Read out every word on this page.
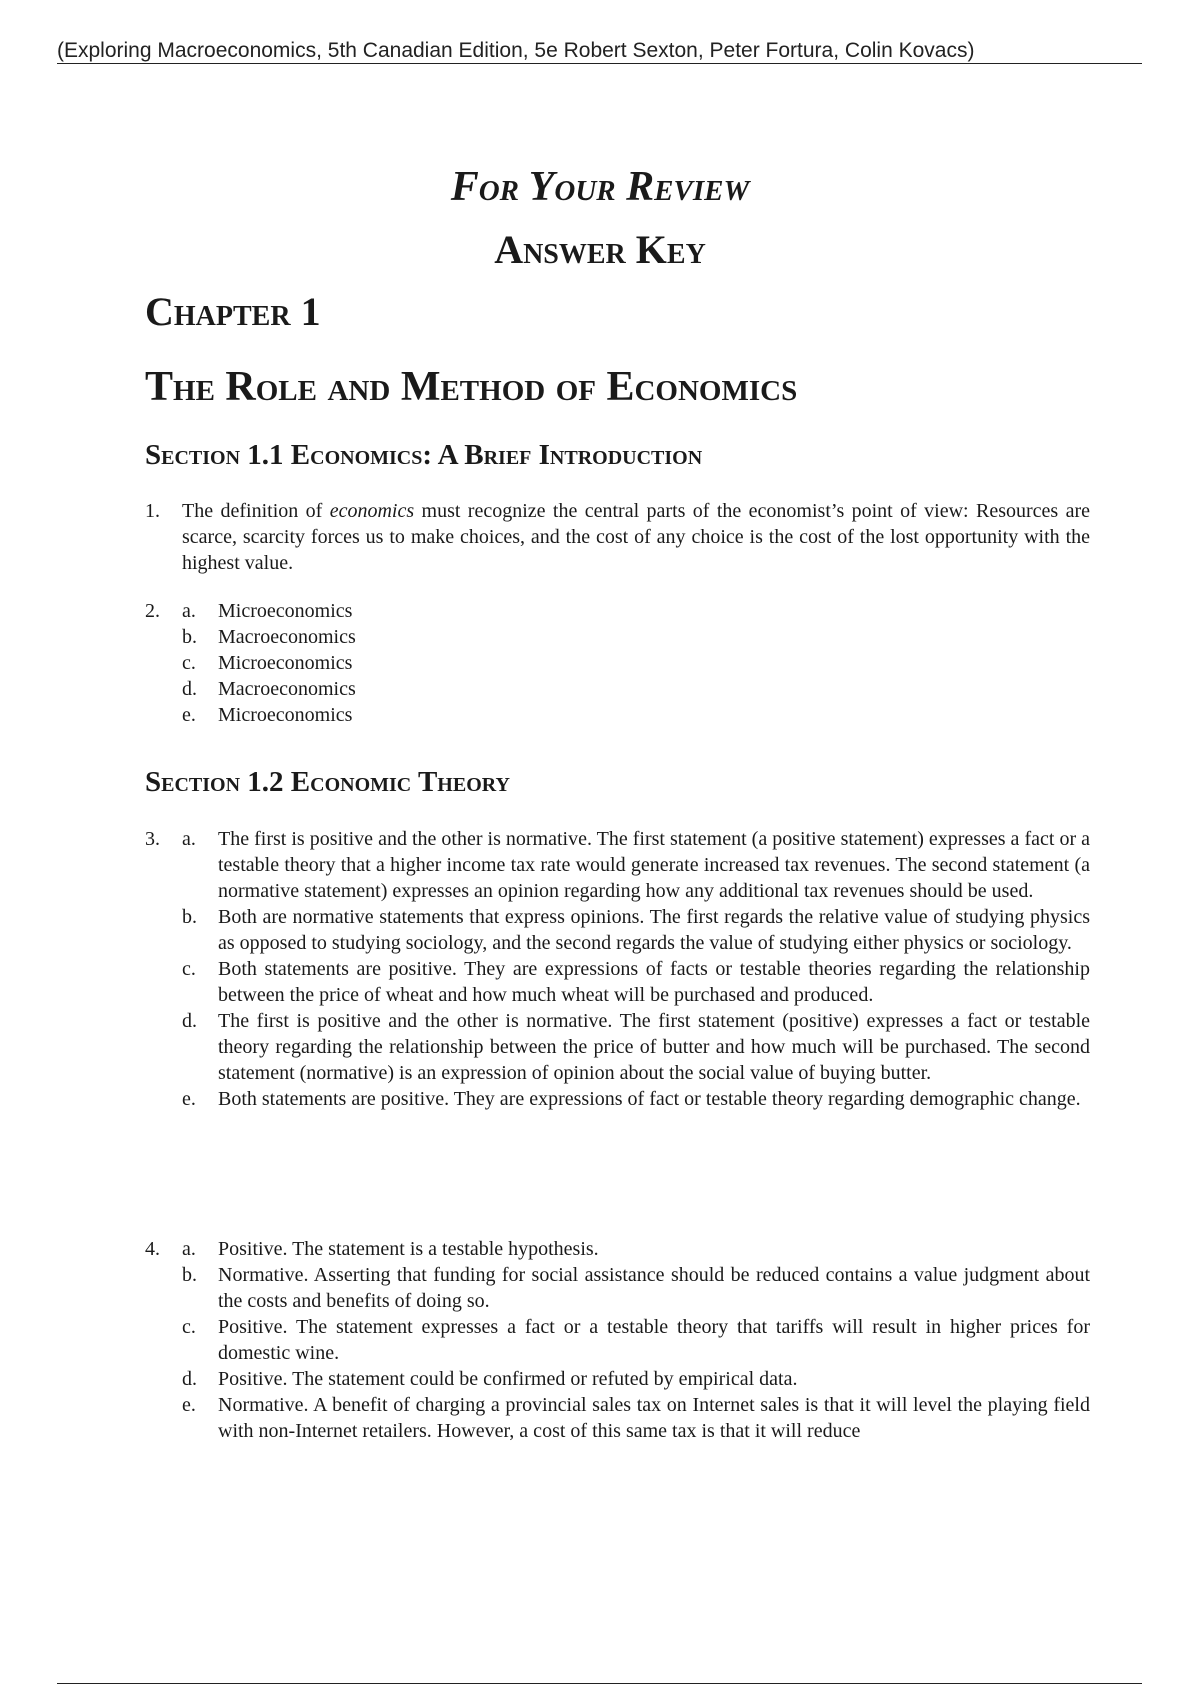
(Exploring Macroeconomics, 5th Canadian Edition, 5e Robert Sexton, Peter Fortura, Colin Kovacs)
For Your Review
Answer Key
Chapter 1
The Role and Method of Economics
Section 1.1 Economics: A Brief Introduction
1. The definition of economics must recognize the central parts of the economist’s point of view: Resources are scarce, scarcity forces us to make choices, and the cost of any choice is the cost of the lost opportunity with the highest value.
2. a. Microeconomics
b. Macroeconomics
c. Microeconomics
d. Macroeconomics
e. Microeconomics
Section 1.2 Economic Theory
3. a. The first is positive and the other is normative. The first statement (a positive statement) expresses a fact or a testable theory that a higher income tax rate would generate increased tax revenues. The second statement (a normative statement) expresses an opinion regarding how any additional tax revenues should be used.
b. Both are normative statements that express opinions. The first regards the relative value of studying physics as opposed to studying sociology, and the second regards the value of studying either physics or sociology.
c. Both statements are positive. They are expressions of facts or testable theories regarding the relationship between the price of wheat and how much wheat will be purchased and produced.
d. The first is positive and the other is normative. The first statement (positive) expresses a fact or testable theory regarding the relationship between the price of butter and how much will be purchased. The second statement (normative) is an expression of opinion about the social value of buying butter.
e. Both statements are positive. They are expressions of fact or testable theory regarding demographic change.
4. a. Positive. The statement is a testable hypothesis.
b. Normative. Asserting that funding for social assistance should be reduced contains a value judgment about the costs and benefits of doing so.
c. Positive. The statement expresses a fact or a testable theory that tariffs will result in higher prices for domestic wine.
d. Positive. The statement could be confirmed or refuted by empirical data.
e. Normative. A benefit of charging a provincial sales tax on Internet sales is that it will level the playing field with non-Internet retailers. However, a cost of this same tax is that it will reduce
